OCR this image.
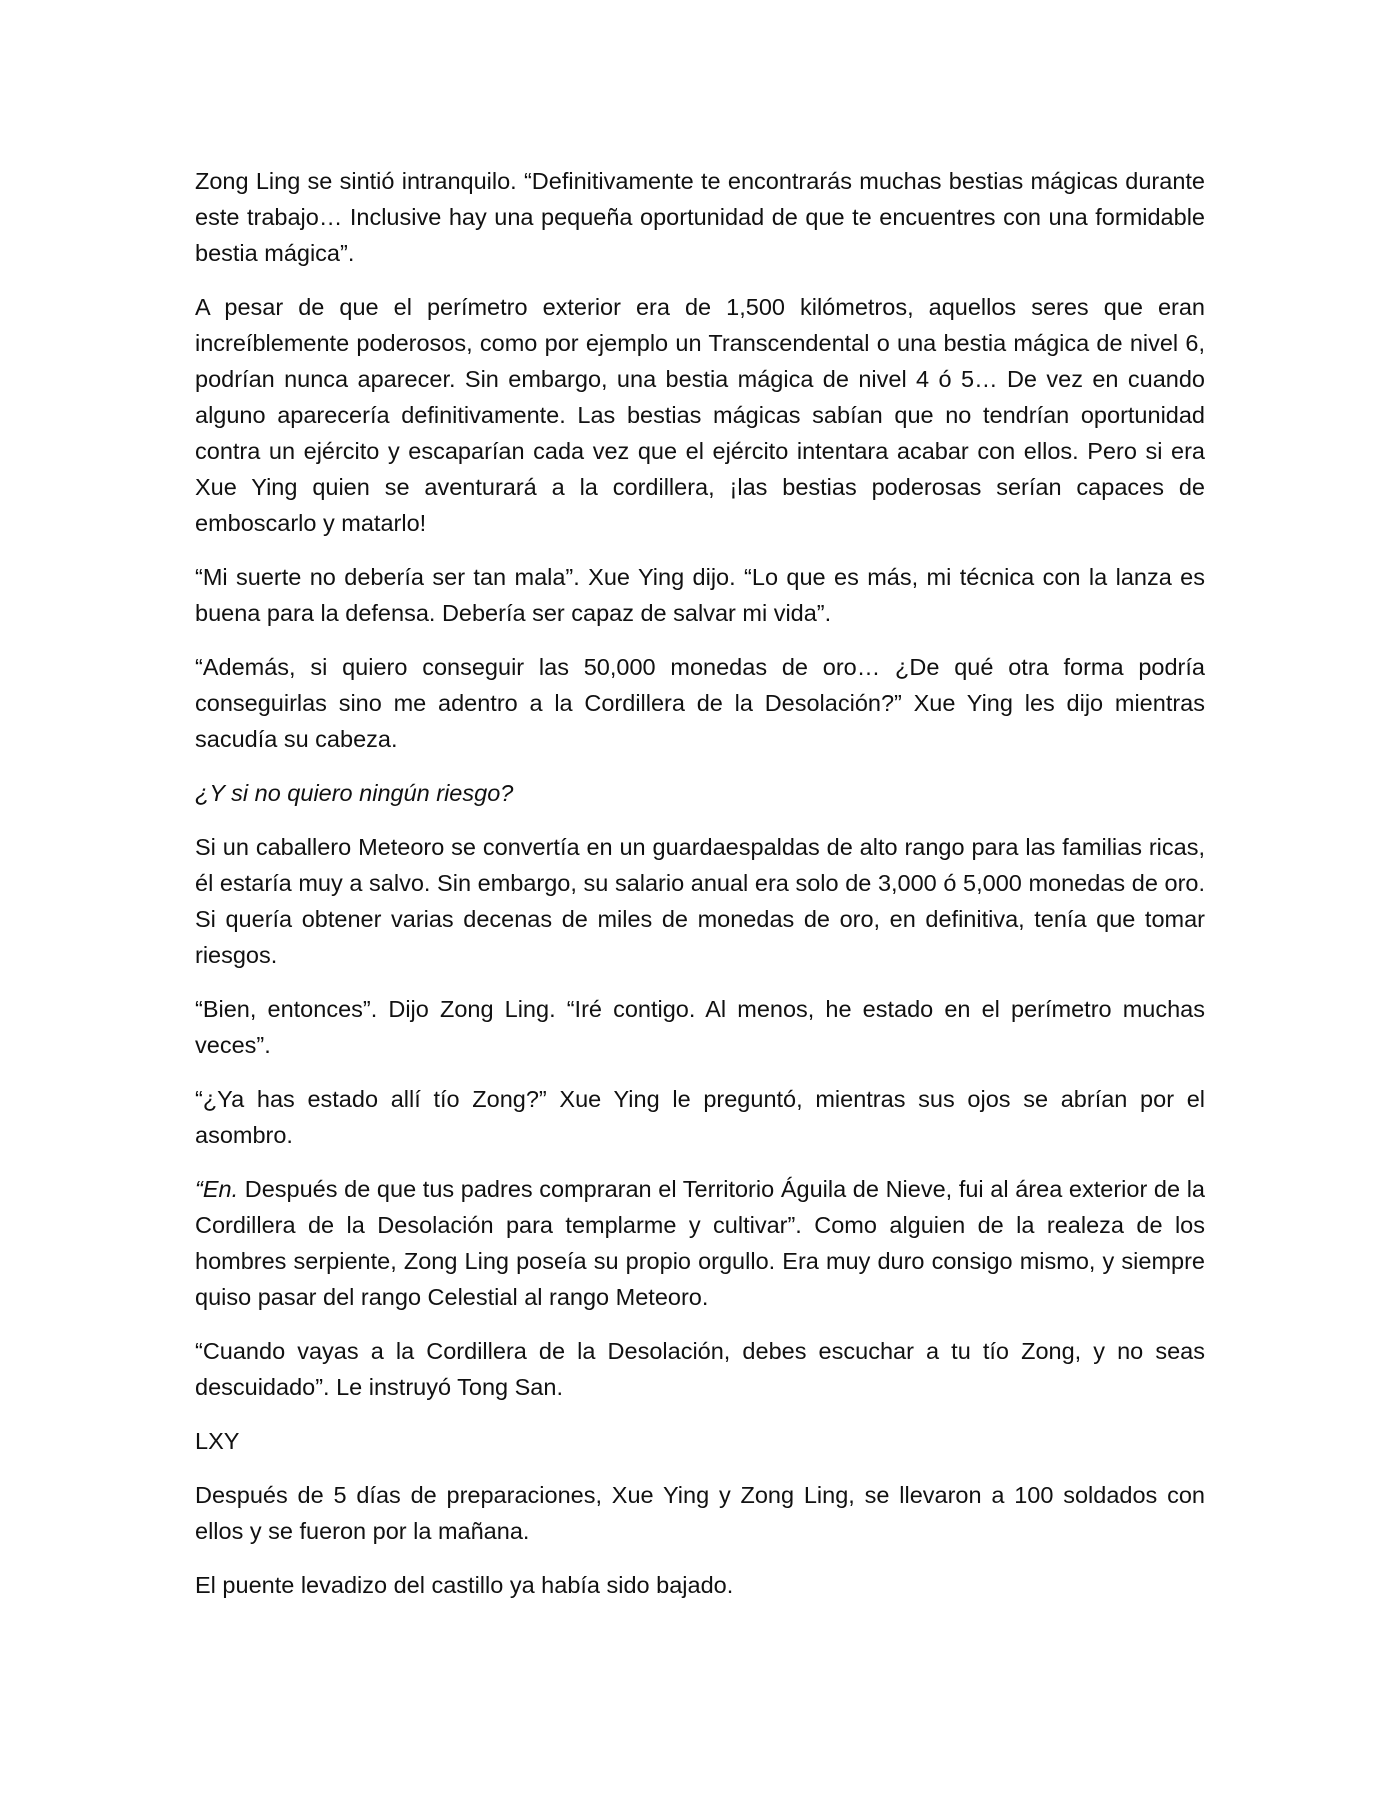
Zong Ling se sintió intranquilo. “Definitivamente te encontrarás muchas bestias mágicas durante este trabajo… Inclusive hay una pequeña oportunidad de que te encuentres con una formidable bestia mágica”.

A pesar de que el perímetro exterior era de 1,500 kilómetros, aquellos seres que eran increíblemente poderosos, como por ejemplo un Transcendental o una bestia mágica de nivel 6, podrían nunca aparecer. Sin embargo, una bestia mágica de nivel 4 ó 5… De vez en cuando alguno aparecería definitivamente. Las bestias mágicas sabían que no tendrían oportunidad contra un ejército y escaparían cada vez que el ejército intentara acabar con ellos. Pero si era Xue Ying quien se aventurará a la cordillera, ¡las bestias poderosas serían capaces de emboscarlo y matarlo!

“Mi suerte no debería ser tan mala”. Xue Ying dijo. “Lo que es más, mi técnica con la lanza es buena para la defensa. Debería ser capaz de salvar mi vida”.

“Además, si quiero conseguir las 50,000 monedas de oro… ¿De qué otra forma podría conseguirlas sino me adentro a la Cordillera de la Desolación?” Xue Ying les dijo mientras sacudía su cabeza.

¿Y si no quiero ningún riesgo?

Si un caballero Meteoro se convertía en un guardaespaldas de alto rango para las familias ricas, él estaría muy a salvo. Sin embargo, su salario anual era solo de 3,000 ó 5,000 monedas de oro. Si quería obtener varias decenas de miles de monedas de oro, en definitiva, tenía que tomar riesgos.

“Bien, entonces”. Dijo Zong Ling. “Iré contigo. Al menos, he estado en el perímetro muchas veces”.

“¿Ya has estado allí tío Zong?” Xue Ying le preguntó, mientras sus ojos se abrían por el asombro.

“En. Después de que tus padres compraran el Territorio Águila de Nieve, fui al área exterior de la Cordillera de la Desolación para templarme y cultivar”. Como alguien de la realeza de los hombres serpiente, Zong Ling poseía su propio orgullo. Era muy duro consigo mismo, y siempre quiso pasar del rango Celestial al rango Meteoro.

“Cuando vayas a la Cordillera de la Desolación, debes escuchar a tu tío Zong, y no seas descuidado”. Le instruyó Tong San.

LXY

Después de 5 días de preparaciones, Xue Ying y Zong Ling, se llevaron a 100 soldados con ellos y se fueron por la mañana.

El puente levadizo del castillo ya había sido bajado.
